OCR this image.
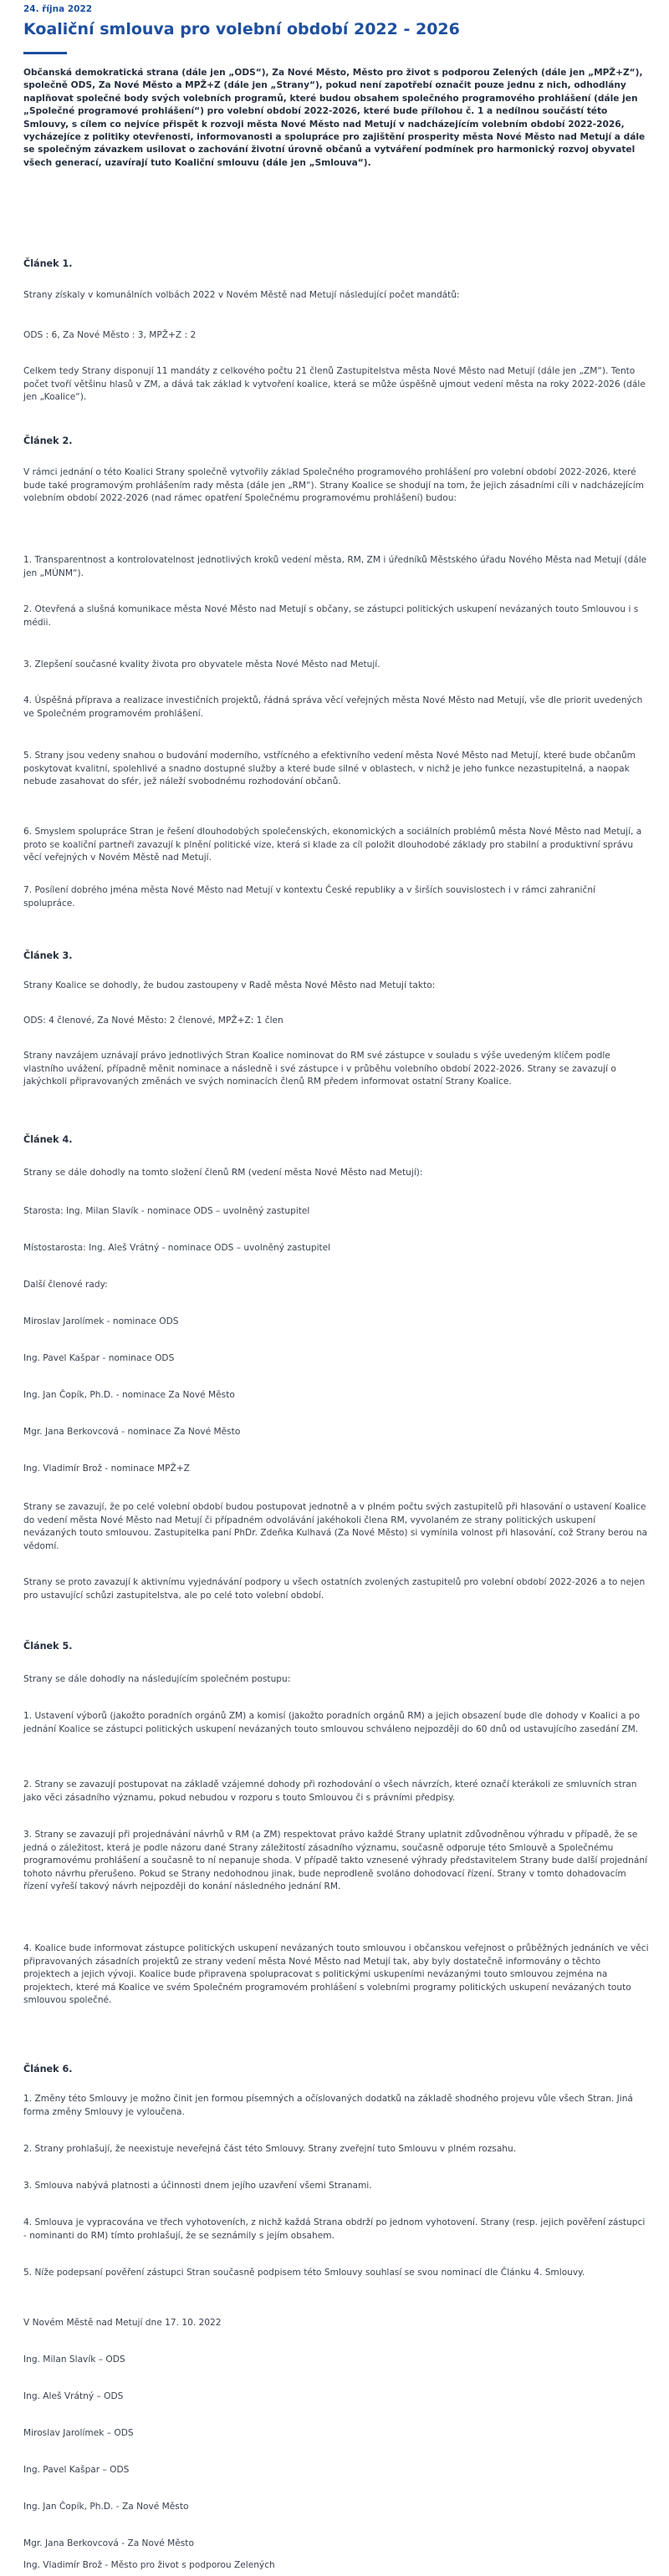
24. října 2022
Koaliční smlouva pro volební období 2022 - 2026

Občanská demokratická strana (dále jen „ODS“), Za Nové Město, Město pro život s podporou Zelených (dále jen „MPŽ+Z“), společně ODS, Za Nové Město a MPŽ+Z (dále jen „Strany“), pokud není zapotřebí označit pouze jednu z nich, odhodlány naplňovat společné body svých volebních programů, které budou obsahem společného programového prohlášení (dále jen „Společné programové prohlášení“) pro volební období 2022-2026, které bude přílohou č. 1 a nedílnou součástí této Smlouvy, s cílem co nejvíce přispět k rozvoji města Nové Město nad Metují v nadcházejícím volebním období 2022-2026, vycházejíce z politiky otevřenosti, informovanosti a spolupráce pro zajištění prosperity města Nové Město nad Metují a dále se společným závazkem usilovat o zachování životní úrovně občanů a vytváření podmínek pro harmonický rozvoj obyvatel všech generací, uzavírají tuto Koaliční smlouvu (dále jen „Smlouva“).

Článek 1.

Strany získaly v komunálních volbách 2022 v Novém Městě nad Metují následující počet mandátů:

ODS : 6, Za Nové Město : 3, MPŽ+Z : 2

Celkem tedy Strany disponují 11 mandáty z celkového počtu 21 členů Zastupitelstva města Nové Město nad Metují (dále jen „ZM“). Tento počet tvoří většinu hlasů v ZM, a dává tak základ k vytvoření koalice, která se může úspěšně ujmout vedení města na roky 2022-2026 (dále jen „Koalice“).

Článek 2.

V rámci jednání o této Koalici Strany společně vytvořily základ Společného programového prohlášení pro volební období 2022-2026, které bude také programovým prohlášením rady města (dále jen „RM“). Strany Koalice se shodují na tom, že jejich zásadními cíli v nadcházejícím volebním období 2022-2026 (nad rámec opatření Společnému programovému prohlášení) budou:

1. Transparentnost a kontrolovatelnost jednotlivých kroků vedení města, RM, ZM i úředníků Městského úřadu Nového Města nad Metují (dále jen „MÚNM“).

2. Otevřená a slušná komunikace města Nové Město nad Metují s občany, se zástupci politických uskupení nevázaných touto Smlouvou i s médii.

3. Zlepšení současné kvality života pro obyvatele města Nové Město nad Metují.

4. Úspěšná příprava a realizace investičních projektů, řádná správa věcí veřejných města Nové Město nad Metují, vše dle priorit uvedených ve Společném programovém prohlášení.

5. Strany jsou vedeny snahou o budování moderního, vstřícného a efektivního vedení města Nové Město nad Metují, které bude občanům poskytovat kvalitní, spolehlivé a snadno dostupné služby a které bude silné v oblastech, v nichž je jeho funkce nezastupitelná, a naopak nebude zasahovat do sfér, jež náleží svobodnému rozhodování občanů.

6. Smyslem spolupráce Stran je řešení dlouhodobých společenských, ekonomických a sociálních problémů města Nové Město nad Metují, a proto se koaliční partneři zavazují k plnění politické vize, která si klade za cíl položit dlouhodobé základy pro stabilní a produktivní správu věcí veřejných v Novém Městě nad Metují.

7. Posílení dobrého jména města Nové Město nad Metují v kontextu České republiky a v širších souvislostech i v rámci zahraniční spolupráce.

Článek 3.

Strany Koalice se dohodly, že budou zastoupeny v Radě města Nové Město nad Metují takto:

ODS: 4 členové, Za Nové Město: 2 členové, MPŽ+Z: 1 člen

Strany navzájem uznávají právo jednotlivých Stran Koalice nominovat do RM své zástupce v souladu s výše uvedeným klíčem podle vlastního uvážení, případně měnit nominace a následně i své zástupce i v průběhu volebního období 2022-2026. Strany se zavazují o jakýchkoli připravovaných změnách ve svých nominacích členů RM předem informovat ostatní Strany Koalice.

Článek 4.

Strany se dále dohodly na tomto složení členů RM (vedení města Nové Město nad Metují):

Starosta: Ing. Milan Slavík - nominace ODS – uvolněný zastupitel

Místostarosta: Ing. Aleš Vrátný - nominace ODS – uvolněný zastupitel

Další členové rady:

Miroslav Jarolímek - nominace ODS

Ing. Pavel Kašpar - nominace ODS

Ing. Jan Čopík, Ph.D. - nominace Za Nové Město

Mgr. Jana Berkovcová - nominace Za Nové Město

Ing. Vladimír Brož - nominace MPŽ+Z

Strany se zavazují, že po celé volební období budou postupovat jednotně a v plném počtu svých zastupitelů při hlasování o ustavení Koalice do vedení města Nové Město nad Metují či případném odvolávání jakéhokoli člena RM, vyvolaném ze strany politických uskupení nevázaných touto smlouvou. Zastupitelka paní PhDr. Zdeňka Kulhavá (Za Nové Město) si vymínila volnost při hlasování, což Strany berou na vědomí.

Strany se proto zavazují k aktivnímu vyjednávání podpory u všech ostatních zvolených zastupitelů pro volební období 2022-2026 a to nejen pro ustavující schůzi zastupitelstva, ale po celé toto volební období.

Článek 5.

Strany se dále dohodly na následujícím společném postupu:

1. Ustavení výborů (jakožto poradních orgánů ZM) a komisí (jakožto poradních orgánů RM) a jejich obsazení bude dle dohody v Koalici a po jednání Koalice se zástupci politických uskupení nevázaných touto smlouvou schváleno nejpozději do 60 dnů od ustavujícího zasedání ZM.

2. Strany se zavazují postupovat na základě vzájemné dohody při rozhodování o všech návrzích, které označí kterákoli ze smluvních stran jako věci zásadního významu, pokud nebudou v rozporu s touto Smlouvou či s právními předpisy.

3. Strany se zavazují při projednávání návrhů v RM (a ZM) respektovat právo každé Strany uplatnit zdůvodněnou výhradu v případě, že se jedná o záležitost, která je podle názoru dané Strany záležitostí zásadního významu, současně odporuje této Smlouvě a Společnému programovému prohlášení a současně to ní nepanuje shoda. V případě takto vznesené výhrady představitelem Strany bude další projednání tohoto návrhu přerušeno. Pokud se Strany nedohodnou jinak, bude neprodleně svoláno dohodovací řízení. Strany v tomto dohadovacím řízení vyřeší takový návrh nejpozději do konání následného jednání RM.

4. Koalice bude informovat zástupce politických uskupení nevázaných touto smlouvou i občanskou veřejnost o průběžných jednáních ve věci připravovaných zásadních projektů ze strany vedení města Nové Město nad Metují tak, aby byly dostatečně informovány o těchto projektech a jejich vývoji. Koalice bude připravena spolupracovat s politickými uskupeními nevázanými touto smlouvou zejména na projektech, které má Koalice ve svém Společném programovém prohlášení s volebními programy politických uskupení nevázaných touto smlouvou společné.

Článek 6.

1. Změny této Smlouvy je možno činit jen formou písemných a očíslovaných dodatků na základě shodného projevu vůle všech Stran. Jiná forma změny Smlouvy je vyloučena.

2. Strany prohlašují, že neexistuje neveřejná část této Smlouvy. Strany zveřejní tuto Smlouvu v plném rozsahu.

3. Smlouva nabývá platnosti a účinnosti dnem jejího uzavření všemi Stranami.

4. Smlouva je vypracována ve třech vyhotoveních, z nichž každá Strana obdrží po jednom vyhotovení. Strany (resp. jejich pověření zástupci - nominanti do RM) tímto prohlašují, že se seznámily s jejím obsahem.

5. Níže podepsaní pověření zástupci Stran současně podpisem této Smlouvy souhlasí se svou nominací dle Článku 4. Smlouvy.

V Novém Městě nad Metují dne 17. 10. 2022

Ing. Milan Slavík – ODS

Ing. Aleš Vrátný – ODS

Miroslav Jarolímek – ODS

Ing. Pavel Kašpar – ODS

Ing. Jan Čopík, Ph.D. - Za Nové Město

Mgr. Jana Berkovcová - Za Nové Město

Ing. Vladimír Brož - Město pro život s podporou Zelených
